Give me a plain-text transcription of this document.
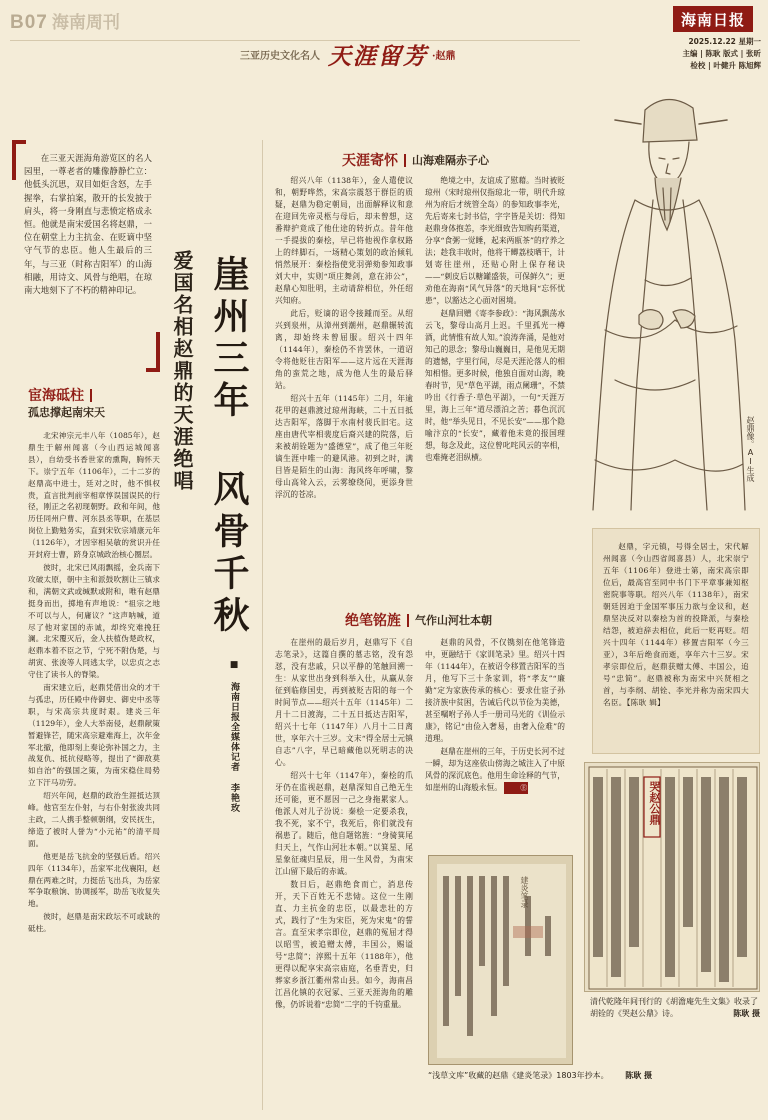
B07 海南周刊
三亚历史文化名人 天涯留芳 ·赵鼎
海南日报
2025.12.22 星期一
主编 | 陈耿 版式 | 张昕
检校 | 叶健升 陈旭辉

在三亚天涯海角游览区的名人园里，一尊老者的雕像静静伫立：他低头沉思，双目如炬含怒，左手握拳，右掌拍案，散开的长发披于肩头，将一身刚直与悲愤定格成永恒。他就是南宋爱国名将赵鼎，一位在朝堂上力主抗金、在贬谪中坚守气节的忠臣。他人生最后的三年，与三亚（时称吉阳军）的山海相融，用诗文、风骨与绝唱，在琼南大地刻下了不朽的精神印记。 崖州三年 风骨千秋
爱国名相赵鼎的天涯绝唱
■ 海南日报全媒体记者 李艳玫
宦海砥柱
孤忠撑起南宋天

北宋神宗元丰八年（1085年），赵鼎生于解州闻喜（今山西运城闻喜县），自幼受书香世家的熏陶，胸怀天下。崇宁五年（1106年），二十二岁的赵鼎高中进士，廷对之时，他不惧权贵，直言批判前宰相章惇误国误民的行径，刚正之名初现朝野。政和年间，他历任同州户曹、河东县丞等职，在基层岗位上勤勉务实，直到宋钦宗靖康元年（1126年），才因宰相吴敏的赏识升任开封府士曹，跻身京城政治核心圈层。

彼时，北宋已风雨飘摇，金兵南下攻破太原，朝中主和派鼓吹割让三镇求和，满朝文武或缄默或附和，唯有赵鼎挺身而出，掷地有声地说：“祖宗之地不可以与人，何庸议？”这声呐喊，道尽了他对家国的赤诚，却终究难挽狂澜。北宋覆灭后，金人扶植伪楚政权，赵鼎本着不臣之节，宁死不附伪楚，与胡寅、张浚等人同逃太学，以忠贞之志守住了读书人的脊梁。

南宋建立后，赵鼎凭借出众的才干与孤忠，历任殿中侍御史、御史中丞等职，与宋高宗共度时艰。建炎三年（1129年），金人大举南侵，赵鼎献策暂避锋芒，随宋高宗避难海上，次年金军北撤，他即刻上奏论弥补国之力，主战复仇、抵抗侵略等，提出了“御敌莫如自治”的强国之策，为南宋稳住局势立下汗马功劳。

绍兴年间，赵鼎的政治生涯抵达顶峰。他官至左仆射，与右仆射张浚共同主政，二人携手整顿朝纲，安民抚生，缔造了被时人誉为“小元祐”的清平局面。

他更是岳飞抗金的坚强后盾。绍兴四年（1134年），岳家军北伐襄阳，赵鼎在两难之时，力挺岳飞出兵，为岳家军争取粮饷、协调援军，助岳飞收复失地。

彼时，赵鼎是南宋政坛不可或缺的砥柱。

天涯寄怀 山海难隔赤子心

绍兴八年（1138年），金人遣使议和，朝野哗然，宋高宗震怒于群臣的质疑，赵鼎为稳定朝局，出面解释议和意在迎回先帝灵柩与母后，却未曾想，这番辩护竟成了他仕途的转折点。昔年他一手提拔的秦桧，早已将他视作拿权路上的绊脚石，一场精心策划的政治倾轧悄然展开：秦桧指使党羽弹劾参知政事刘大中，实则“项庄舞剑，意在沛公”，赵鼎心知肚明，主动请辞相位，外任绍兴知府。

此后，贬谪的诏令接踵而至。从绍兴到泉州，从漳州到潮州，赵鼎辗转流离，却始终未曾屈服。绍兴十四年（1144年），秦桧仍不肯罢休，一道诏令将他贬往吉阳军——这片远在天涯海角的蛮荒之地，成为他人生的最后驿站。

绍兴十五年（1145年）二月，年逾花甲的赵鼎渡过琼州海峡，二十五日抵达吉阳军，落脚于水南村裴氏旧宅。这座由唐代宰相裴度后裔兴建的院落，后来被胡铨题为“盛德堂”，成了他三年贬谪生涯中唯一的避风港。初到之时，满目皆是陌生的山海：海风终年呼啸，黎母山高耸入云，云雾缭绕间，更添身世浮沉的苍凉。

绝境之中，友谊成了慰藉。当时被贬琼州（宋时琼州仅指琼北一带，明代升琼州为府后才统管全岛）的参知政事李光，先后寄来七封书信，字字皆是关切：得知赵鼎身体抱恙，李光细致告知购药渠道，分享“食粥一觉睡，起来两瓯茶”的疗养之法；趁我丰收时，他将干鲫荔枝晒干，计划寄往崖州，还贴心附上保存秘诀——“刺皮后以糖罐盛装，可保鲜久”；更劝他在海南“风气异落”的天地间“忘怀忧患”，以豁达之心面对困境。

赵鼎回赠《寄李参政》：“海风飘荡水云飞，黎母山高月上迟。千里孤光一樽酒，此情惟有故人知。”浪涛奔涌，是他对知己的思念；黎母山巍巍日，是他见无期的遗憾，字里行间，尽是天涯沦落人的相知相惜。更多时候，他独自面对山海，晚春时节，见“草色平湖，雨点阑珊”，不禁吟出《行香子·草色平湖》，一句“天涯万里，海上三年”道尽漂泊之苦；暮色沉沉时，他“举头见日，不见长安”——那个隐喻汴京的“长安”，藏着他未竟的报国理想，每念及此，这位曾叱咤风云的宰相，也难掩老泪纵横。

绝笔铭旌 气作山河壮本朝

在崖州的最后岁月，赵鼎写下《自志笔录》，这篇自撰的墓志铭，没有怨怼，没有悲戚，只以平静的笔触回溯一生：从家世出身到科举入仕，从赢从奈征到临修国史，再到被贬吉阳的每一个时间节点——绍兴十五年（1145年）二月十二日渡海，二十五日抵达吉阳军，绍兴十七年（1147年）八月十二日离世，享年六十三岁。文末“得全居士元镇自志”八字，早已暗藏他以死明志的决心。

绍兴十七年（1147年），秦桧的爪牙仍在监视赵鼎，赵鼎深知自己绝无生还可能，更不愿因一己之身拖累家人。他派人对儿子汾说：秦桧一定要杀我，我不死，家不宁，我死后，你们就没有祸患了。随后，他自题铭旌：“身骑箕尾归天上，气作山河壮本朝。”以箕星、尾星象征魂归星辰，用一生风骨，为南宋江山留下最后的赤诚。

数日后，赵鼎绝食而亡，消息传开，天下百姓无不悲恸。这位一生刚直、力主抗金的忠臣，以最悲壮的方式，践行了“生为宋臣，死为宋鬼”的誓言。直至宋孝宗即位，赵鼎的冤屈才得以昭雪，被追赠太傅，丰国公，赐谥号“忠简”；淳熙十五年（1188年），他更得以配享宋高宗庙庭，名垂青史，归葬家乡浙江衢州常山县。如今，海南昌江昌化镇的衣冠冢、三亚天涯海角的雕像，仍诉说着“忠简”二字的千钧重量。

赵鼎的风骨，不仅镌刻在他笔锋造中，更融结于《家训笔录》里。绍兴十四年（1144年），在被诏令移置吉阳军的当月，他写下三十条家训，将“孝友”“廉勤”定为家族传承的核心：要求仕宦子孙接济族中贫困，告诫后代以节俭为美德，甚至嘱咐子孙人手一册司马光的《训俭示康》，铭记“由俭入奢易，由奢入俭难”的道理。

赵鼎在崖州的三年，于历史长河不过一瞬，却为这座依山傍海之城注入了中原风骨的深沉底色。他用生命诠释的气节，如崖州的山海般永恒。	Ⓔ

赵鼎像。AI生成

赵鼎，字元镇，号得全居士，宋代解州闻喜（今山西省闻喜县）人，北宋崇宁五年（1106年）登进士第，南宋高宗即位后，最高官至同中书门下平章事兼知枢密院事等职。绍兴八年（1138年），南宋朝廷因迫于金国军事压力欲与金议和，赵鼎坚决反对以秦桧为首的投降派，与秦桧结怨，被迫辞去相位，此后一贬再贬。绍兴十四年（1144年）移置吉阳军（今三亚），3年后绝食而逝，享年六十三岁。宋孝宗即位后，赵鼎获赠太傅、丰国公，追号“忠简”。赵鼎被称为南宋中兴贤相之首，与李纲、胡铨、李光并称为南宋四大名臣。【陈耿 辑】

哭赵公鼎
清代乾隆年间刊行的《胡澹庵先生文集》收录了胡铨的《哭赵公鼎》诗。	陈耿 摄
建炎笔录
“浅草文库”收藏的赵鼎《建炎笔录》1803年抄本。 陈耿 摄
